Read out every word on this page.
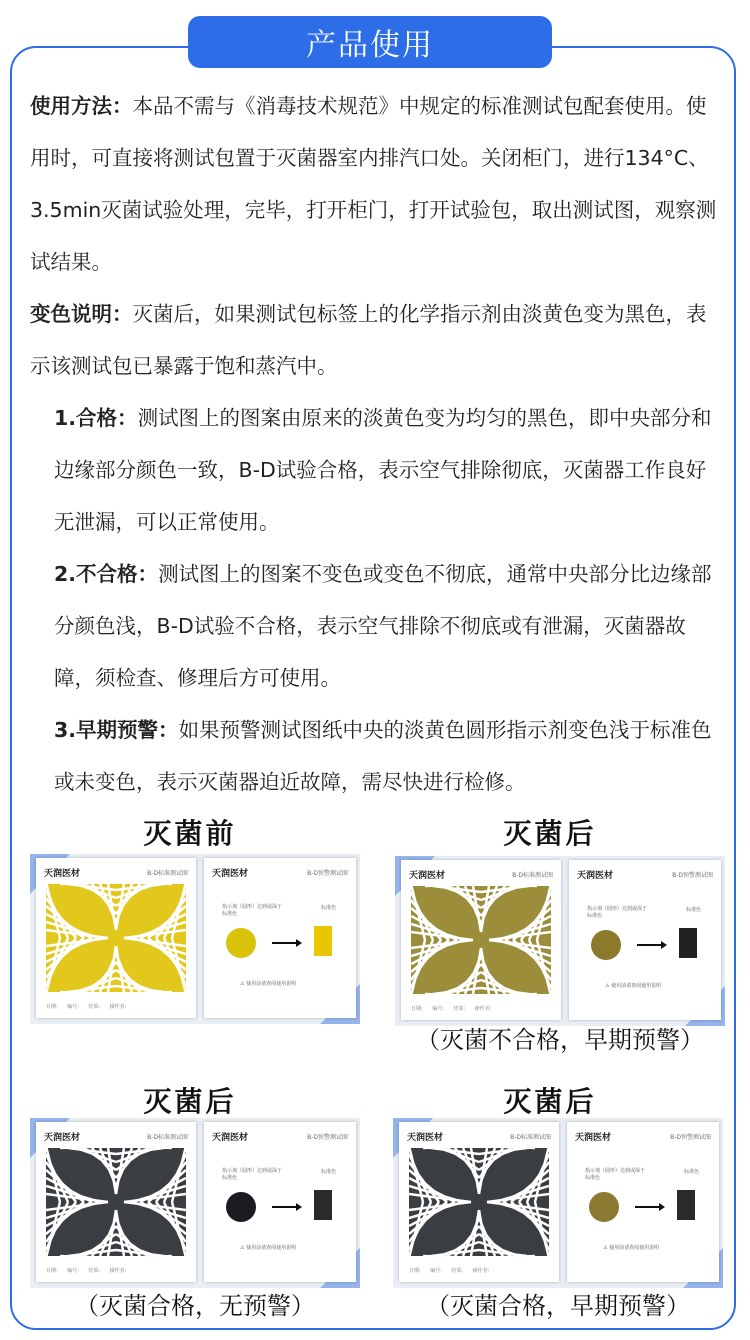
产品使用

使用方法：本品不需与《消毒技术规范》中规定的标准测试包配套使用。使用时，可直接将测试包置于灭菌器室内排汽口处。关闭柜门，进行134°C、3.5min灭菌试验处理，完毕，打开柜门，打开试验包，取出测试图，观察测试结果。

变色说明：灭菌后，如果测试包标签上的化学指示剂由淡黄色变为黑色，表示该测试包已暴露于饱和蒸汽中。

1.合格：测试图上的图案由原来的淡黄色变为均匀的黑色，即中央部分和边缘部分颜色一致，B-D试验合格，表示空气排除彻底，灭菌器工作良好无泄漏，可以正常使用。

2.不合格：测试图上的图案不变色或变色不彻底，通常中央部分比边缘部分颜色浅，B-D试验不合格，表示空气排除不彻底或有泄漏，灭菌器故障，须检查、修理后方可使用。

3.早期预警：如果预警测试图纸中央的淡黄色圆形指示剂变色浅于标准色或未变色，表示灭菌器迫近故障，需尽快进行检修。

灭菌前	灭菌后
灭菌后	灭菌后
天润医材	B-D标准测试图
日期:      编号:      结果:      操作者:
天润医材	B-D预警测试图
指示剂（圆形）达到或深于标准色
标准色
⚠ 使用前请查阅使用说明
天润医材	B-D标准测试图
日期:      编号:      结果:      操作者:
天润医材	B-D预警测试图
指示剂（圆形）达到或深于标准色
标准色
⚠ 使用前请查阅使用说明
天润医材	B-D标准测试图
日期:      编号:      结果:      操作者:
天润医材	B-D预警测试图
指示剂（圆形）达到或深于标准色
标准色
⚠ 使用前请查阅使用说明
天润医材	B-D标准测试图
日期:      编号:      结果:      操作者:
天润医材	B-D预警测试图
指示剂（圆形）达到或深于标准色
标准色
⚠ 使用前请查阅使用说明
（灭菌不合格，早期预警）
（灭菌合格，无预警）	（灭菌合格，早期预警）
